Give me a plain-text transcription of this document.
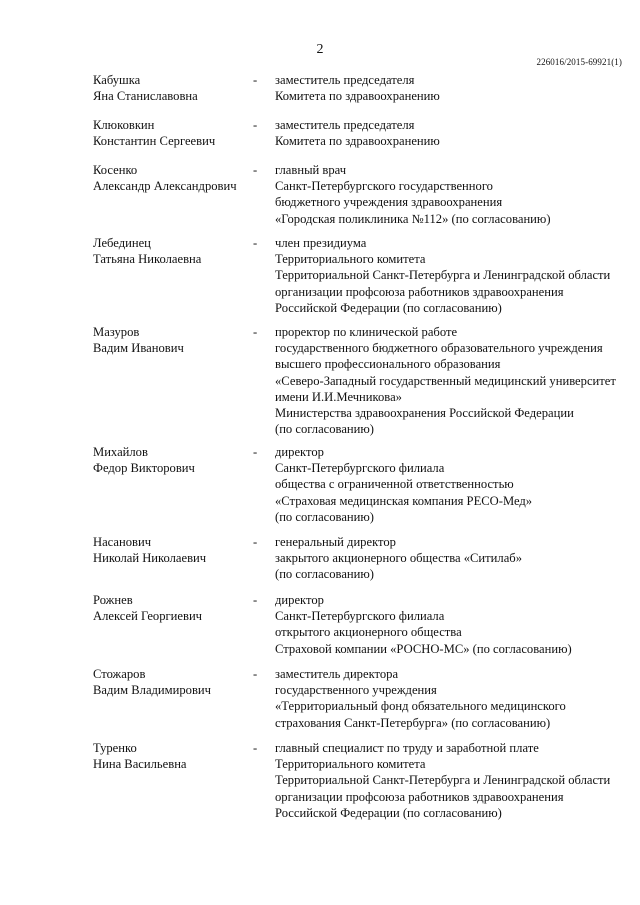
2
226016/2015-69921(1)
Кабушка
Яна Станиславовна
-	заместитель председателя
Комитета по здравоохранению
Клюковкин
Константин Сергеевич
-	заместитель председателя
Комитета по здравоохранению
Косенко
Александр Александрович
-	главный врач
Санкт-Петербургского государственного
бюджетного учреждения здравоохранения
«Городская поликлиника №112» (по согласованию)
Лебединец
Татьяна Николаевна
-	член президиума
Территориального комитета
Территориальной Санкт-Петербурга и Ленинградской области
организации профсоюза работников здравоохранения
Российской Федерации (по согласованию)
Мазуров
Вадим Иванович
-	проректор по клинической работе
государственного бюджетного образовательного учреждения
высшего профессионального образования
«Северо-Западный государственный медицинский университет
имени И.И.Мечникова»
Министерства здравоохранения Российской Федерации
(по согласованию)
Михайлов
Федор Викторович
-	директор
Санкт-Петербургского филиала
общества с ограниченной ответственностью
«Страховая медицинская компания РЕСО-Мед»
(по согласованию)
Насанович
Николай Николаевич
-	генеральный директор
закрытого акционерного общества «Ситилаб»
(по согласованию)
Рожнев
Алексей Георгиевич
-	директор
Санкт-Петербургского филиала
открытого акционерного общества
Страховой компании «РОСНО-МС» (по согласованию)
Стожаров
Вадим Владимирович
-	заместитель директора
государственного учреждения
«Территориальный фонд обязательного медицинского
страхования Санкт-Петербурга» (по согласованию)
Туренко
Нина Васильевна
-	главный специалист по труду и заработной плате
Территориального комитета
Территориальной Санкт-Петербурга и Ленинградской области
организации профсоюза работников здравоохранения
Российской Федерации (по согласованию)
